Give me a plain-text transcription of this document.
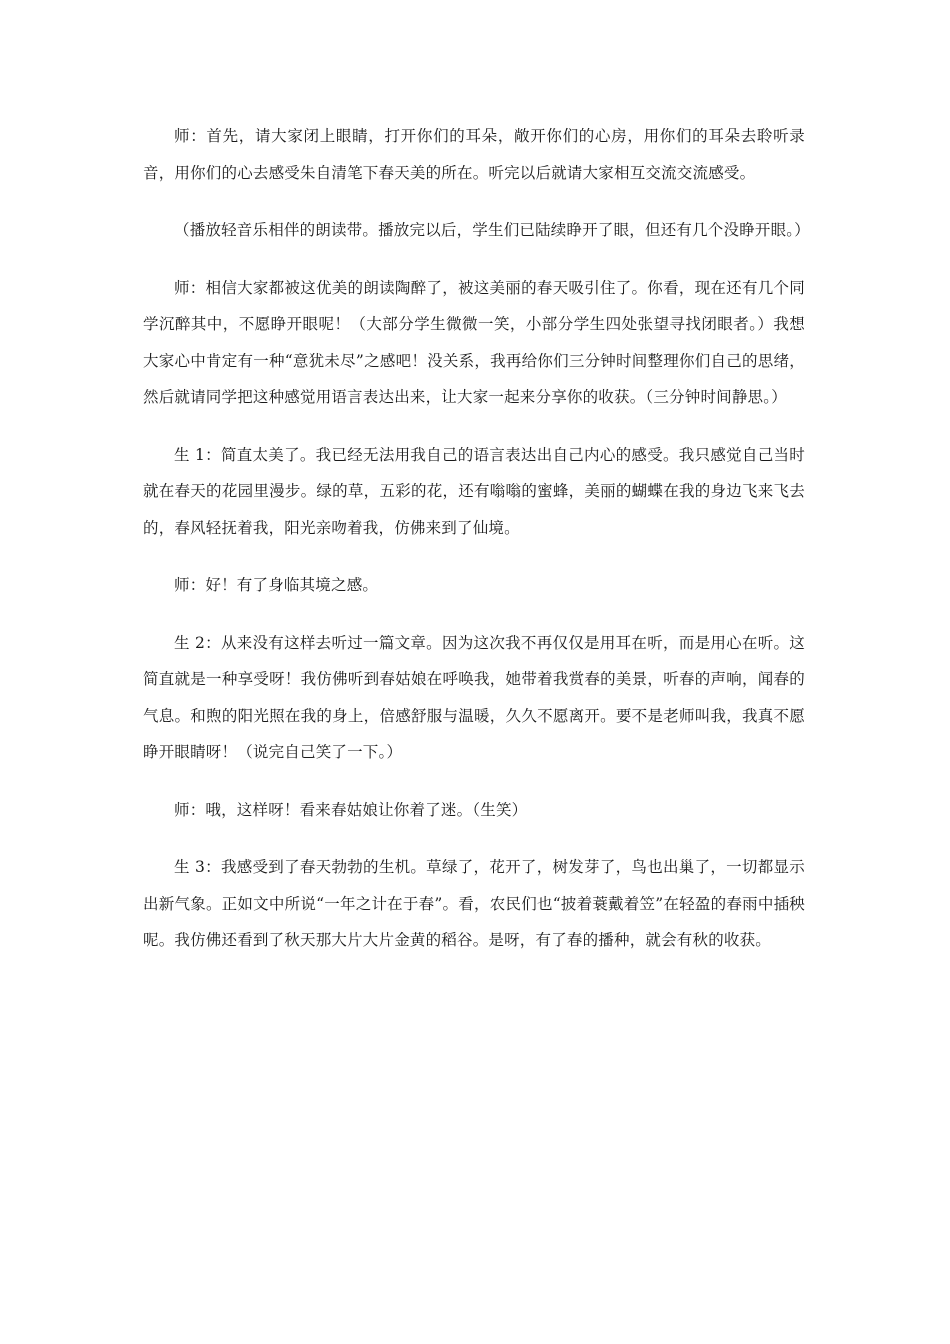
师：首先，请大家闭上眼睛，打开你们的耳朵，敞开你们的心房，用你们的耳朵去聆听录音，用你们的心去感受朱自清笔下春天美的所在。听完以后就请大家相互交流交流感受。

（播放轻音乐相伴的朗读带。播放完以后，学生们已陆续睁开了眼，但还有几个没睁开眼。）

师：相信大家都被这优美的朗读陶醉了，被这美丽的春天吸引住了。你看，现在还有几个同学沉醉其中，不愿睁开眼呢！（大部分学生微微一笑，小部分学生四处张望寻找闭眼者。）我想大家心中肯定有一种“意犹未尽”之感吧！没关系，我再给你们三分钟时间整理你们自己的思绪，然后就请同学把这种感觉用语言表达出来，让大家一起来分享你的收获。（三分钟时间静思。）

生 1：简直太美了。我已经无法用我自己的语言表达出自己内心的感受。我只感觉自己当时就在春天的花园里漫步。绿的草，五彩的花，还有嗡嗡的蜜蜂，美丽的蝴蝶在我的身边飞来飞去的，春风轻抚着我，阳光亲吻着我，仿佛来到了仙境。

师：好！有了身临其境之感。

生 2：从来没有这样去听过一篇文章。因为这次我不再仅仅是用耳在听，而是用心在听。这简直就是一种享受呀！我仿佛听到春姑娘在呼唤我，她带着我赏春的美景，听春的声响，闻春的气息。和煦的阳光照在我的身上，倍感舒服与温暖，久久不愿离开。要不是老师叫我，我真不愿睁开眼睛呀！（说完自己笑了一下。）

师：哦，这样呀！看来春姑娘让你着了迷。（生笑）

生 3：我感受到了春天勃勃的生机。草绿了，花开了，树发芽了，鸟也出巢了，一切都显示出新气象。正如文中所说“一年之计在于春”。看，农民们也“披着蓑戴着笠”在轻盈的春雨中插秧呢。我仿佛还看到了秋天那大片大片金黄的稻谷。是呀，有了春的播种，就会有秋的收获。
